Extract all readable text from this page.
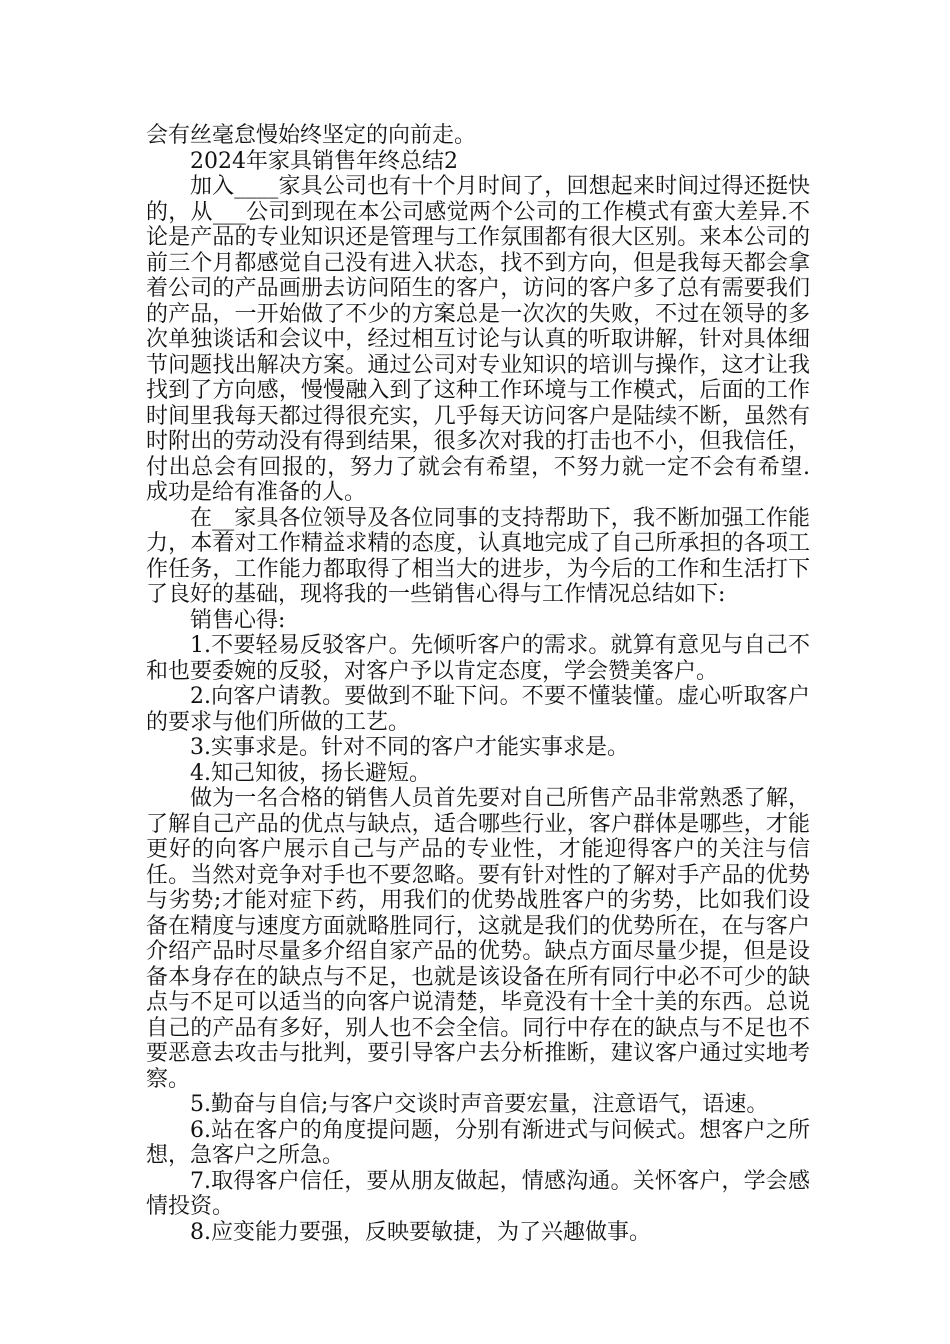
会有丝毫怠慢始终坚定的向前走。

2024年家具销售年终总结2

加入____家具公司也有十个月时间了，回想起来时间过得还挺快的，从___公司到现在本公司感觉两个公司的工作模式有蛮大差异.不论是产品的专业知识还是管理与工作氛围都有很大区别。来本公司的前三个月都感觉自己没有进入状态，找不到方向，但是我每天都会拿着公司的产品画册去访问陌生的客户，访问的客户多了总有需要我们的产品，一开始做了不少的方案总是一次次的失败，不过在领导的多次单独谈话和会议中，经过相互讨论与认真的听取讲解，针对具体细节问题找出解决方案。通过公司对专业知识的培训与操作，这才让我找到了方向感，慢慢融入到了这种工作环境与工作模式，后面的工作时间里我每天都过得很充实，几乎每天访问客户是陆续不断，虽然有时附出的劳动没有得到结果，很多次对我的打击也不小，但我信任，付出总会有回报的，努力了就会有希望，不努力就一定不会有希望.成功是给有准备的人。

在__家具各位领导及各位同事的支持帮助下，我不断加强工作能力，本着对工作精益求精的态度，认真地完成了自己所承担的各项工作任务，工作能力都取得了相当大的进步，为今后的工作和生活打下了良好的基础，现将我的一些销售心得与工作情况总结如下:

销售心得:

1.不要轻易反驳客户。先倾听客户的需求。就算有意见与自己不和也要委婉的反驳，对客户予以肯定态度，学会赞美客户。

2.向客户请教。要做到不耻下问。不要不懂装懂。虚心听取客户的要求与他们所做的工艺。

3.实事求是。针对不同的客户才能实事求是。

4.知己知彼，扬长避短。

做为一名合格的销售人员首先要对自己所售产品非常熟悉了解，了解自己产品的优点与缺点，适合哪些行业，客户群体是哪些，才能更好的向客户展示自己与产品的专业性，才能迎得客户的关注与信任。当然对竞争对手也不要忽略。要有针对性的了解对手产品的优势与劣势;才能对症下药，用我们的优势战胜客户的劣势，比如我们设备在精度与速度方面就略胜同行，这就是我们的优势所在，在与客户介绍产品时尽量多介绍自家产品的优势。缺点方面尽量少提，但是设备本身存在的缺点与不足，也就是该设备在所有同行中必不可少的缺点与不足可以适当的向客户说清楚，毕竟没有十全十美的东西。总说自己的产品有多好，别人也不会全信。同行中存在的缺点与不足也不要恶意去攻击与批判，要引导客户去分析推断，建议客户通过实地考察。

5.勤奋与自信;与客户交谈时声音要宏量，注意语气，语速。

6.站在客户的角度提问题，分别有渐进式与问候式。想客户之所想，急客户之所急。

7.取得客户信任，要从朋友做起，情感沟通。关怀客户，学会感情投资。

8.应变能力要强，反映要敏捷，为了兴趣做事。
